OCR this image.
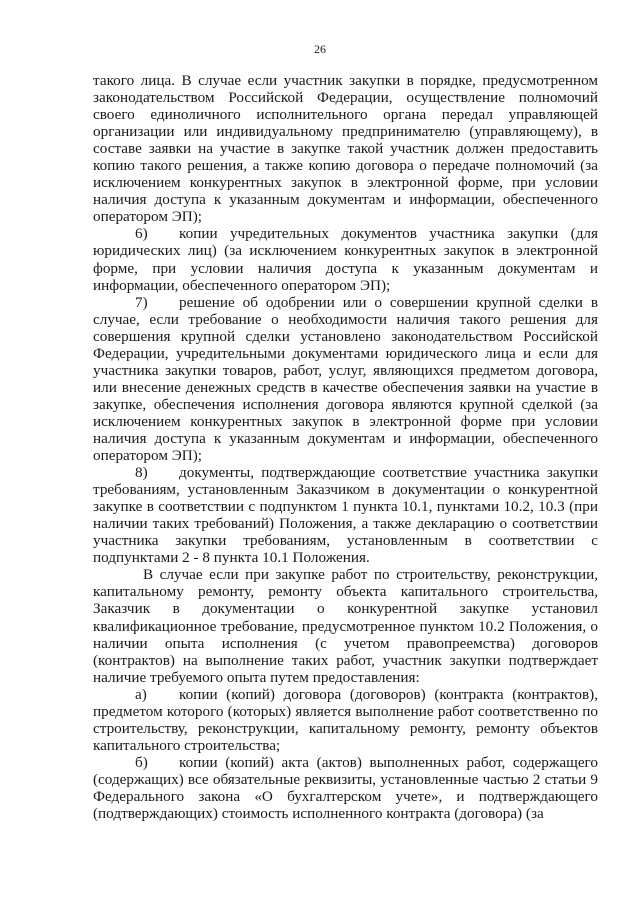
26

такого лица. В случае если участник закупки в порядке, предусмотренном законодательством Российской Федерации, осуществление полномочий своего единоличного исполнительного органа передал управляющей организации или индивидуальному предпринимателю (управляющему), в составе заявки на участие в закупке такой участник должен предоставить копию такого решения, а также копию договора о передаче полномочий (за исключением конкурентных закупок в электронной форме, при условии наличия доступа к указанным документам и информации, обеспеченного оператором ЭП);

6) копии учредительных документов участника закупки (для юридических лиц) (за исключением конкурентных закупок в электронной форме, при условии наличия доступа к указанным документам и информации, обеспеченного оператором ЭП);

7) решение об одобрении или о совершении крупной сделки в случае, если требование о необходимости наличия такого решения для совершения крупной сделки установлено законодательством Российской Федерации, учредительными документами юридического лица и если для участника закупки товаров, работ, услуг, являющихся предметом договора, или внесение денежных средств в качестве обеспечения заявки на участие в закупке, обеспечения исполнения договора являются крупной сделкой (за исключением конкурентных закупок в электронной форме при условии наличия доступа к указанным документам и информации, обеспеченного оператором ЭП);

8) документы, подтверждающие соответствие участника закупки требованиям, установленным Заказчиком в документации о конкурентной закупке в соответствии с подпунктом 1 пункта 10.1, пунктами 10.2, 10.3 (при наличии таких требований) Положения, а также декларацию о соответствии участника закупки требованиям, установленным в соответствии с подпунктами 2 - 8 пункта 10.1 Положения.

В случае если при закупке работ по строительству, реконструкции, капитальному ремонту, ремонту объекта капитального строительства, Заказчик в документации о конкурентной закупке установил квалификационное требование, предусмотренное пунктом 10.2 Положения, о наличии опыта исполнения (с учетом правопреемства) договоров (контрактов) на выполнение таких работ, участник закупки подтверждает наличие требуемого опыта путем предоставления:

а) копии (копий) договора (договоров) (контракта (контрактов), предметом которого (которых) является выполнение работ соответственно по строительству, реконструкции, капитальному ремонту, ремонту объектов капитального строительства;

б) копии (копий) акта (актов) выполненных работ, содержащего (содержащих) все обязательные реквизиты, установленные частью 2 статьи 9 Федерального закона «О бухгалтерском учете», и подтверждающего (подтверждающих) стоимость исполненного контракта (договора) (за
